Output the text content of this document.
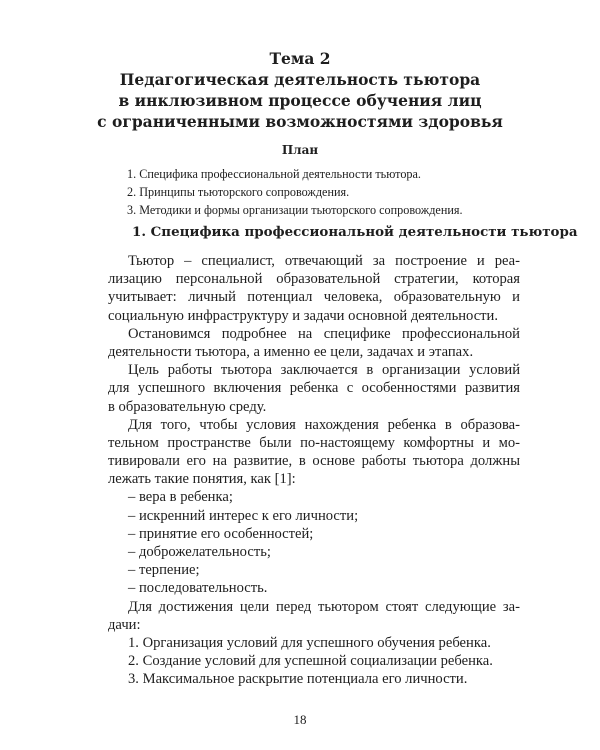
Тема 2
Педагогическая деятельность тьютора
в инклюзивном процессе обучения лиц
с ограниченными возможностями здоровья
План
1. Специфика профессиональной деятельности тьютора.
2. Принципы тьюторского сопровождения.
3. Методики и формы организации тьюторского сопровождения.
1. Специфика профессиональной деятельности тьютора
Тьютор – специалист, отвечающий за построение и реа-
лизацию персональной образовательной стратегии, которая
учитывает: личный потенциал человека, образовательную и
социальную инфраструктуру и задачи основной деятельности.
Остановимся подробнее на специфике профессиональной
деятельности тьютора, а именно ее цели, задачах и этапах.
Цель работы тьютора заключается в организации условий
для успешного включения ребенка с особенностями развития
в образовательную среду.
Для того, чтобы условия нахождения ребенка в образова-
тельном пространстве были по-настоящему комфортны и мо-
тивировали его на развитие, в основе работы тьютора должны
лежать такие понятия, как [1]:
– вера в ребенка;
– искренний интерес к его личности;
– принятие его особенностей;
– доброжелательность;
– терпение;
– последовательность.
Для достижения цели перед тьютором стоят следующие за-
дачи:
1. Организация условий для успешного обучения ребенка.
2. Создание условий для успешной социализации ребенка.
3. Максимальное раскрытие потенциала его личности.
18
